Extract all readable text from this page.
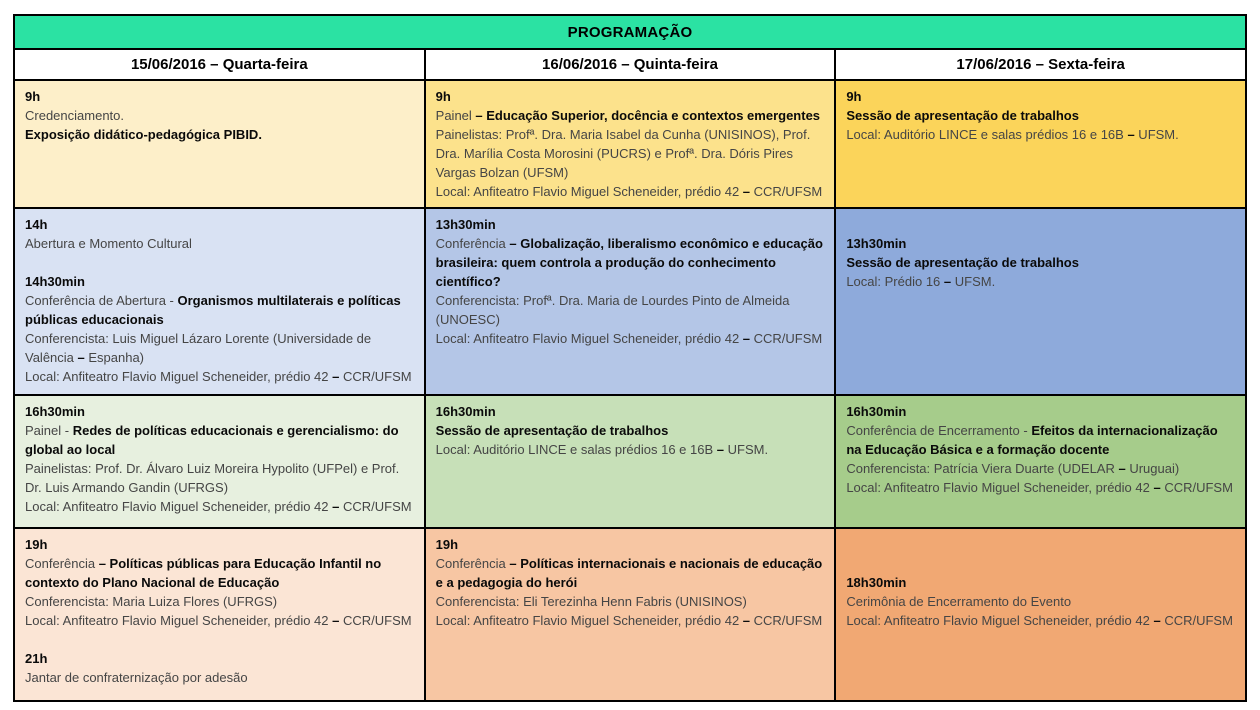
PROGRAMAÇÃO
15/06/2016 – Quarta-feira	16/06/2016 – Quinta-feira	17/06/2016 – Sexta-feira
9h
Credenciamento.
Exposição didático-pedagógica PIBID.
9h
Painel – Educação Superior, docência e contextos emergentes
Painelistas: Profª. Dra. Maria Isabel da Cunha (UNISINOS), Prof. Dra. Marília Costa Morosini (PUCRS) e Profª. Dra. Dóris Pires Vargas Bolzan (UFSM)
Local: Anfiteatro Flavio Miguel Scheneider, prédio 42 – CCR/UFSM
9h
Sessão de apresentação de trabalhos
Local: Auditório LINCE e salas prédios 16 e 16B – UFSM.
14h
Abertura e Momento Cultural

14h30min
Conferência de Abertura - Organismos multilaterais e políticas públicas educacionais
Conferencista: Luis Miguel Lázaro Lorente (Universidade de Valência – Espanha)
Local: Anfiteatro Flavio Miguel Scheneider, prédio 42 – CCR/UFSM
13h30min
Conferência – Globalização, liberalismo econômico e educação brasileira: quem controla a produção do conhecimento científico?
Conferencista: Profª. Dra. Maria de Lourdes Pinto de Almeida (UNOESC)
Local: Anfiteatro Flavio Miguel Scheneider, prédio 42 – CCR/UFSM

13h30min
Sessão de apresentação de trabalhos
Local: Prédio 16 – UFSM.
16h30min
Painel - Redes de políticas educacionais e gerencialismo: do global ao local
Painelistas: Prof. Dr. Álvaro Luiz Moreira Hypolito (UFPel) e Prof. Dr. Luis Armando Gandin (UFRGS)
Local: Anfiteatro Flavio Miguel Scheneider, prédio 42 – CCR/UFSM
16h30min
Sessão de apresentação de trabalhos
Local: Auditório LINCE e salas prédios 16 e 16B – UFSM.
16h30min
Conferência de Encerramento - Efeitos da internacionalização na Educação Básica e a formação docente
Conferencista: Patrícia Viera Duarte (UDELAR – Uruguai)
Local: Anfiteatro Flavio Miguel Scheneider, prédio 42 – CCR/UFSM
19h
Conferência – Políticas públicas para Educação Infantil no contexto do Plano Nacional de Educação
Conferencista: Maria Luiza Flores (UFRGS)
Local: Anfiteatro Flavio Miguel Scheneider, prédio 42 – CCR/UFSM

21h
Jantar de confraternização por adesão
19h
Conferência – Políticas internacionais e nacionais de educação e a pedagogia do herói
Conferencista: Eli Terezinha Henn Fabris (UNISINOS)
Local: Anfiteatro Flavio Miguel Scheneider, prédio 42 – CCR/UFSM

18h30min
Cerimônia de Encerramento do Evento
Local: Anfiteatro Flavio Miguel Scheneider, prédio 42 – CCR/UFSM
